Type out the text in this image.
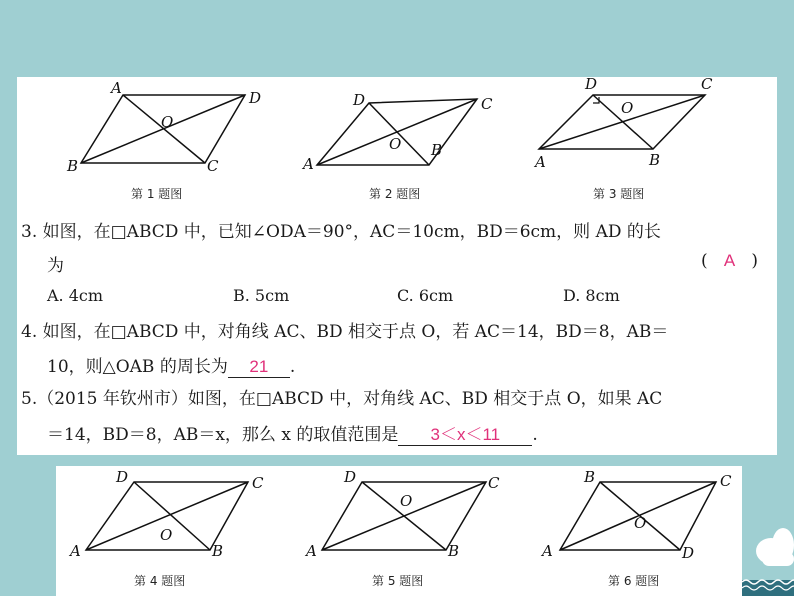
A
B	C
D
O
第 1 题图
A
B
C
D
O
第 2 题图
A	B
C
D
O
第 3 题图
3. 如图，在□ABCD 中，已知∠ODA＝90°，AC＝10cm，BD＝6cm，则 AD 的长
为	( A )
A. 4cm	B. 5cm	C. 6cm	D. 8cm
4. 如图，在□ABCD 中，对角线 AC、BD 相交于点 O，若 AC＝14，BD＝8，AB＝
10，则△OAB 的周长为 21 .
5.（2015 年钦州市）如图，在□ABCD 中，对角线 AC、BD 相交于点 O，如果 AC
＝14，BD＝8，AB＝x，那么 x 的取值范围是 3＜x＜11 .
A	B
C
D
O
第 4 题图
A	B
C
D
O
第 5 题图
A
B	C
D
O
第 6 题图
